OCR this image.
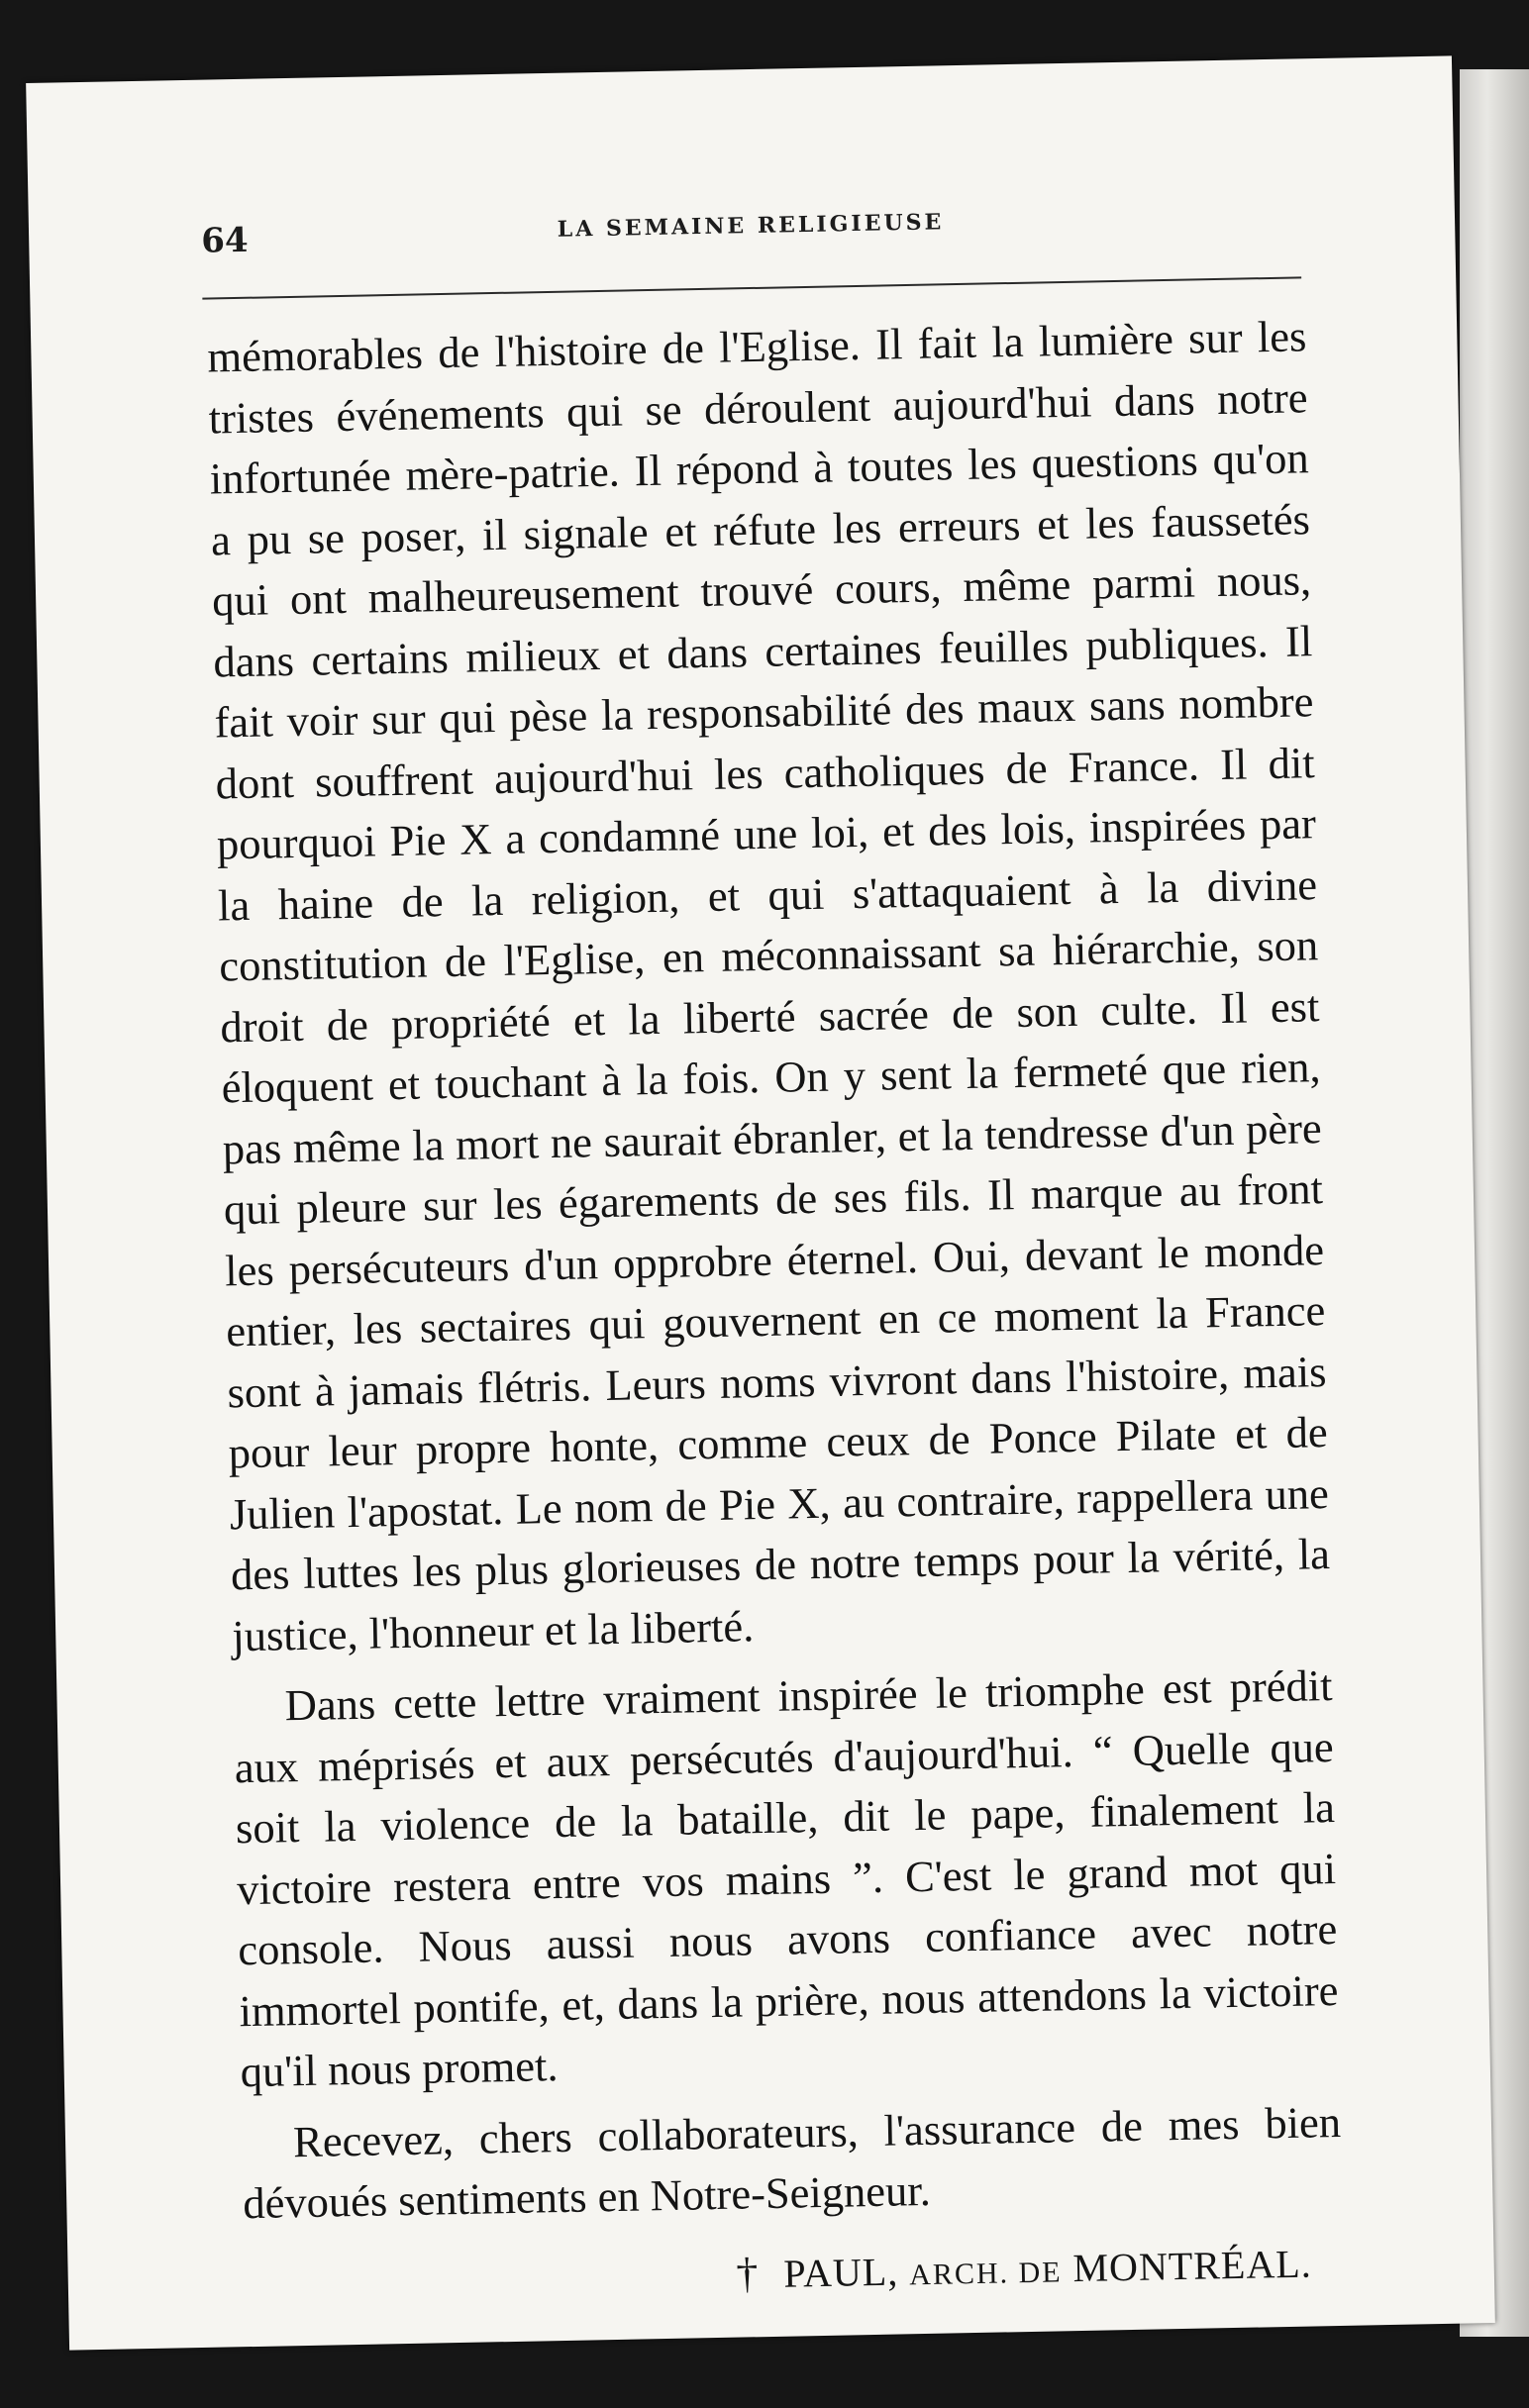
64	LA SEMAINE RELIGIEUSE

mémorables de l'histoire de l'Eglise. Il fait la lumière sur les tristes événements qui se déroulent aujourd'hui dans notre infortunée mère-patrie. Il répond à toutes les questions qu'on a pu se poser, il signale et réfute les erreurs et les faussetés qui ont malheureusement trouvé cours, même parmi nous, dans certains milieux et dans certaines feuilles publiques. Il fait voir sur qui pèse la responsabilité des maux sans nombre dont souffrent aujourd'hui les catholiques de France. Il dit pourquoi Pie X a condamné une loi, et des lois, inspirées par la haine de la religion, et qui s'attaquaient à la divine constitution de l'Eglise, en méconnaissant sa hiérarchie, son droit de propriété et la liberté sacrée de son culte. Il est éloquent et touchant à la fois. On y sent la fermeté que rien, pas même la mort ne saurait ébranler, et la tendresse d'un père qui pleure sur les égarements de ses fils. Il marque au front les persécuteurs d'un opprobre éternel. Oui, devant le monde entier, les sectaires qui gouvernent en ce moment la France sont à jamais flétris. Leurs noms vivront dans l'histoire, mais pour leur propre honte, comme ceux de Ponce Pilate et de Julien l'apostat. Le nom de Pie X, au contraire, rappellera une des luttes les plus glorieuses de notre temps pour la vérité, la justice, l'honneur et la liberté.

Dans cette lettre vraiment inspirée le triomphe est prédit aux méprisés et aux persécutés d'aujourd'hui. “ Quelle que soit la violence de la bataille, dit le pape, finalement la victoire restera entre vos mains ”. C'est le grand mot qui console. Nous aussi nous avons confiance avec notre immortel pontife, et, dans la prière, nous attendons la victoire qu'il nous promet.

Recevez, chers collaborateurs, l'assurance de mes bien dévoués sentiments en Notre-Seigneur.

† PAUL, ARCH. DE MONTRÉAL.
